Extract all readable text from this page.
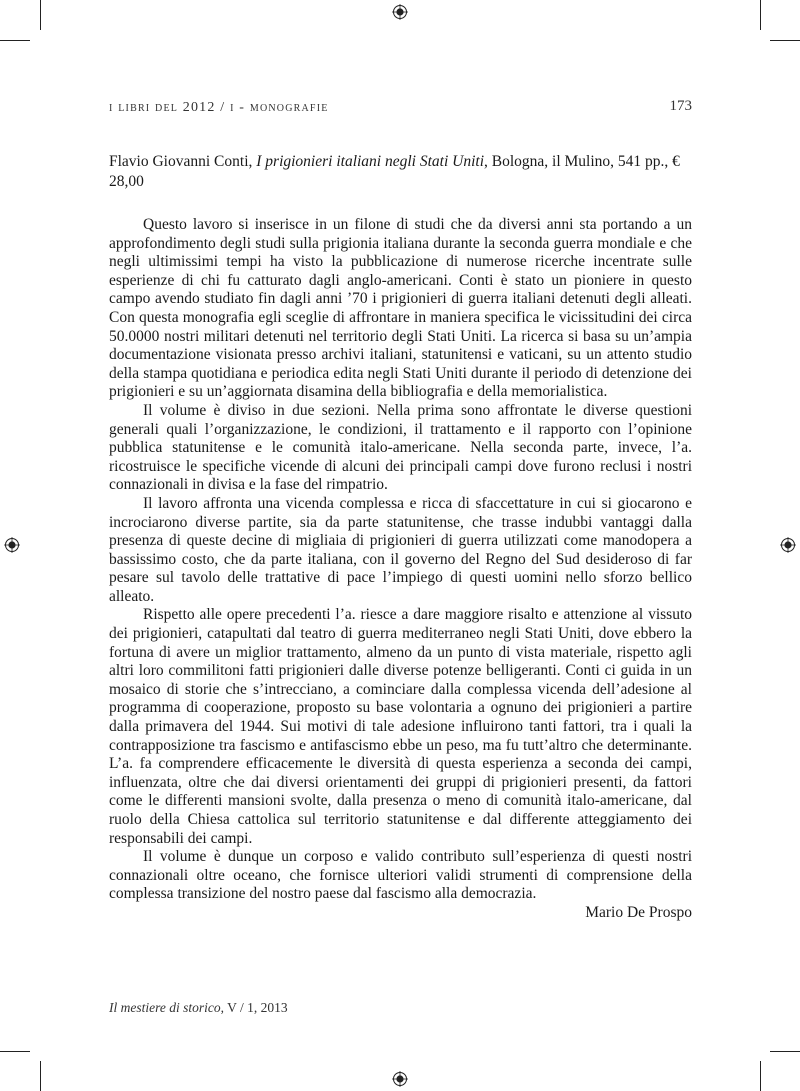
i libri del 2012 / i - monografie	173
Flavio Giovanni Conti, I prigionieri italiani negli Stati Uniti, Bologna, il Mulino, 541 pp., € 28,00

Questo lavoro si inserisce in un filone di studi che da diversi anni sta portando a un approfondimento degli studi sulla prigionia italiana durante la seconda guerra mondiale e che negli ultimissimi tempi ha visto la pubblicazione di numerose ricerche incentrate sulle esperienze di chi fu catturato dagli anglo-americani. Conti è stato un pioniere in questo campo avendo studiato fin dagli anni ’70 i prigionieri di guerra italiani detenuti degli alleati. Con questa monografia egli sceglie di affrontare in maniera specifica le vicissitudini dei circa 50.0000 nostri militari detenuti nel territorio degli Stati Uniti. La ricerca si basa su un’ampia documentazione visionata presso archivi italiani, statunitensi e vaticani, su un attento studio della stampa quotidiana e periodica edita negli Stati Uniti durante il periodo di detenzione dei prigionieri e su un’aggiornata disamina della bibliografia e della memorialistica.

Il volume è diviso in due sezioni. Nella prima sono affrontate le diverse questioni generali quali l’organizzazione, le condizioni, il trattamento e il rapporto con l’opinione pubblica statunitense e le comunità italo-americane. Nella seconda parte, invece, l’a. ricostruisce le specifiche vicende di alcuni dei principali campi dove furono reclusi i nostri connazionali in divisa e la fase del rimpatrio.

Il lavoro affronta una vicenda complessa e ricca di sfaccettature in cui si giocarono e incrociarono diverse partite, sia da parte statunitense, che trasse indubbi vantaggi dalla presenza di queste decine di migliaia di prigionieri di guerra utilizzati come manodopera a bassissimo costo, che da parte italiana, con il governo del Regno del Sud desideroso di far pesare sul tavolo delle trattative di pace l’impiego di questi uomini nello sforzo bellico alleato.

Rispetto alle opere precedenti l’a. riesce a dare maggiore risalto e attenzione al vissuto dei prigionieri, catapultati dal teatro di guerra mediterraneo negli Stati Uniti, dove ebbero la fortuna di avere un miglior trattamento, almeno da un punto di vista materiale, rispetto agli altri loro commilitoni fatti prigionieri dalle diverse potenze belligeranti. Conti ci guida in un mosaico di storie che s’intrecciano, a cominciare dalla complessa vicenda dell’adesione al programma di cooperazione, proposto su base volontaria a ognuno dei prigionieri a partire dalla primavera del 1944. Sui motivi di tale adesione influirono tanti fattori, tra i quali la contrapposizione tra fascismo e antifascismo ebbe un peso, ma fu tutt’altro che determinante. L’a. fa comprendere efficacemente le diversità di questa esperienza a seconda dei campi, influenzata, oltre che dai diversi orientamenti dei gruppi di prigionieri presenti, da fattori come le differenti mansioni svolte, dalla presenza o meno di comunità italo-americane, dal ruolo della Chiesa cattolica sul territorio statunitense e dal differente atteggiamento dei responsabili dei campi.

Il volume è dunque un corposo e valido contributo sull’esperienza di questi nostri connazionali oltre oceano, che fornisce ulteriori validi strumenti di comprensione della complessa transizione del nostro paese dal fascismo alla democrazia.

Mario De Prospo
Il mestiere di storico, V / 1, 2013
